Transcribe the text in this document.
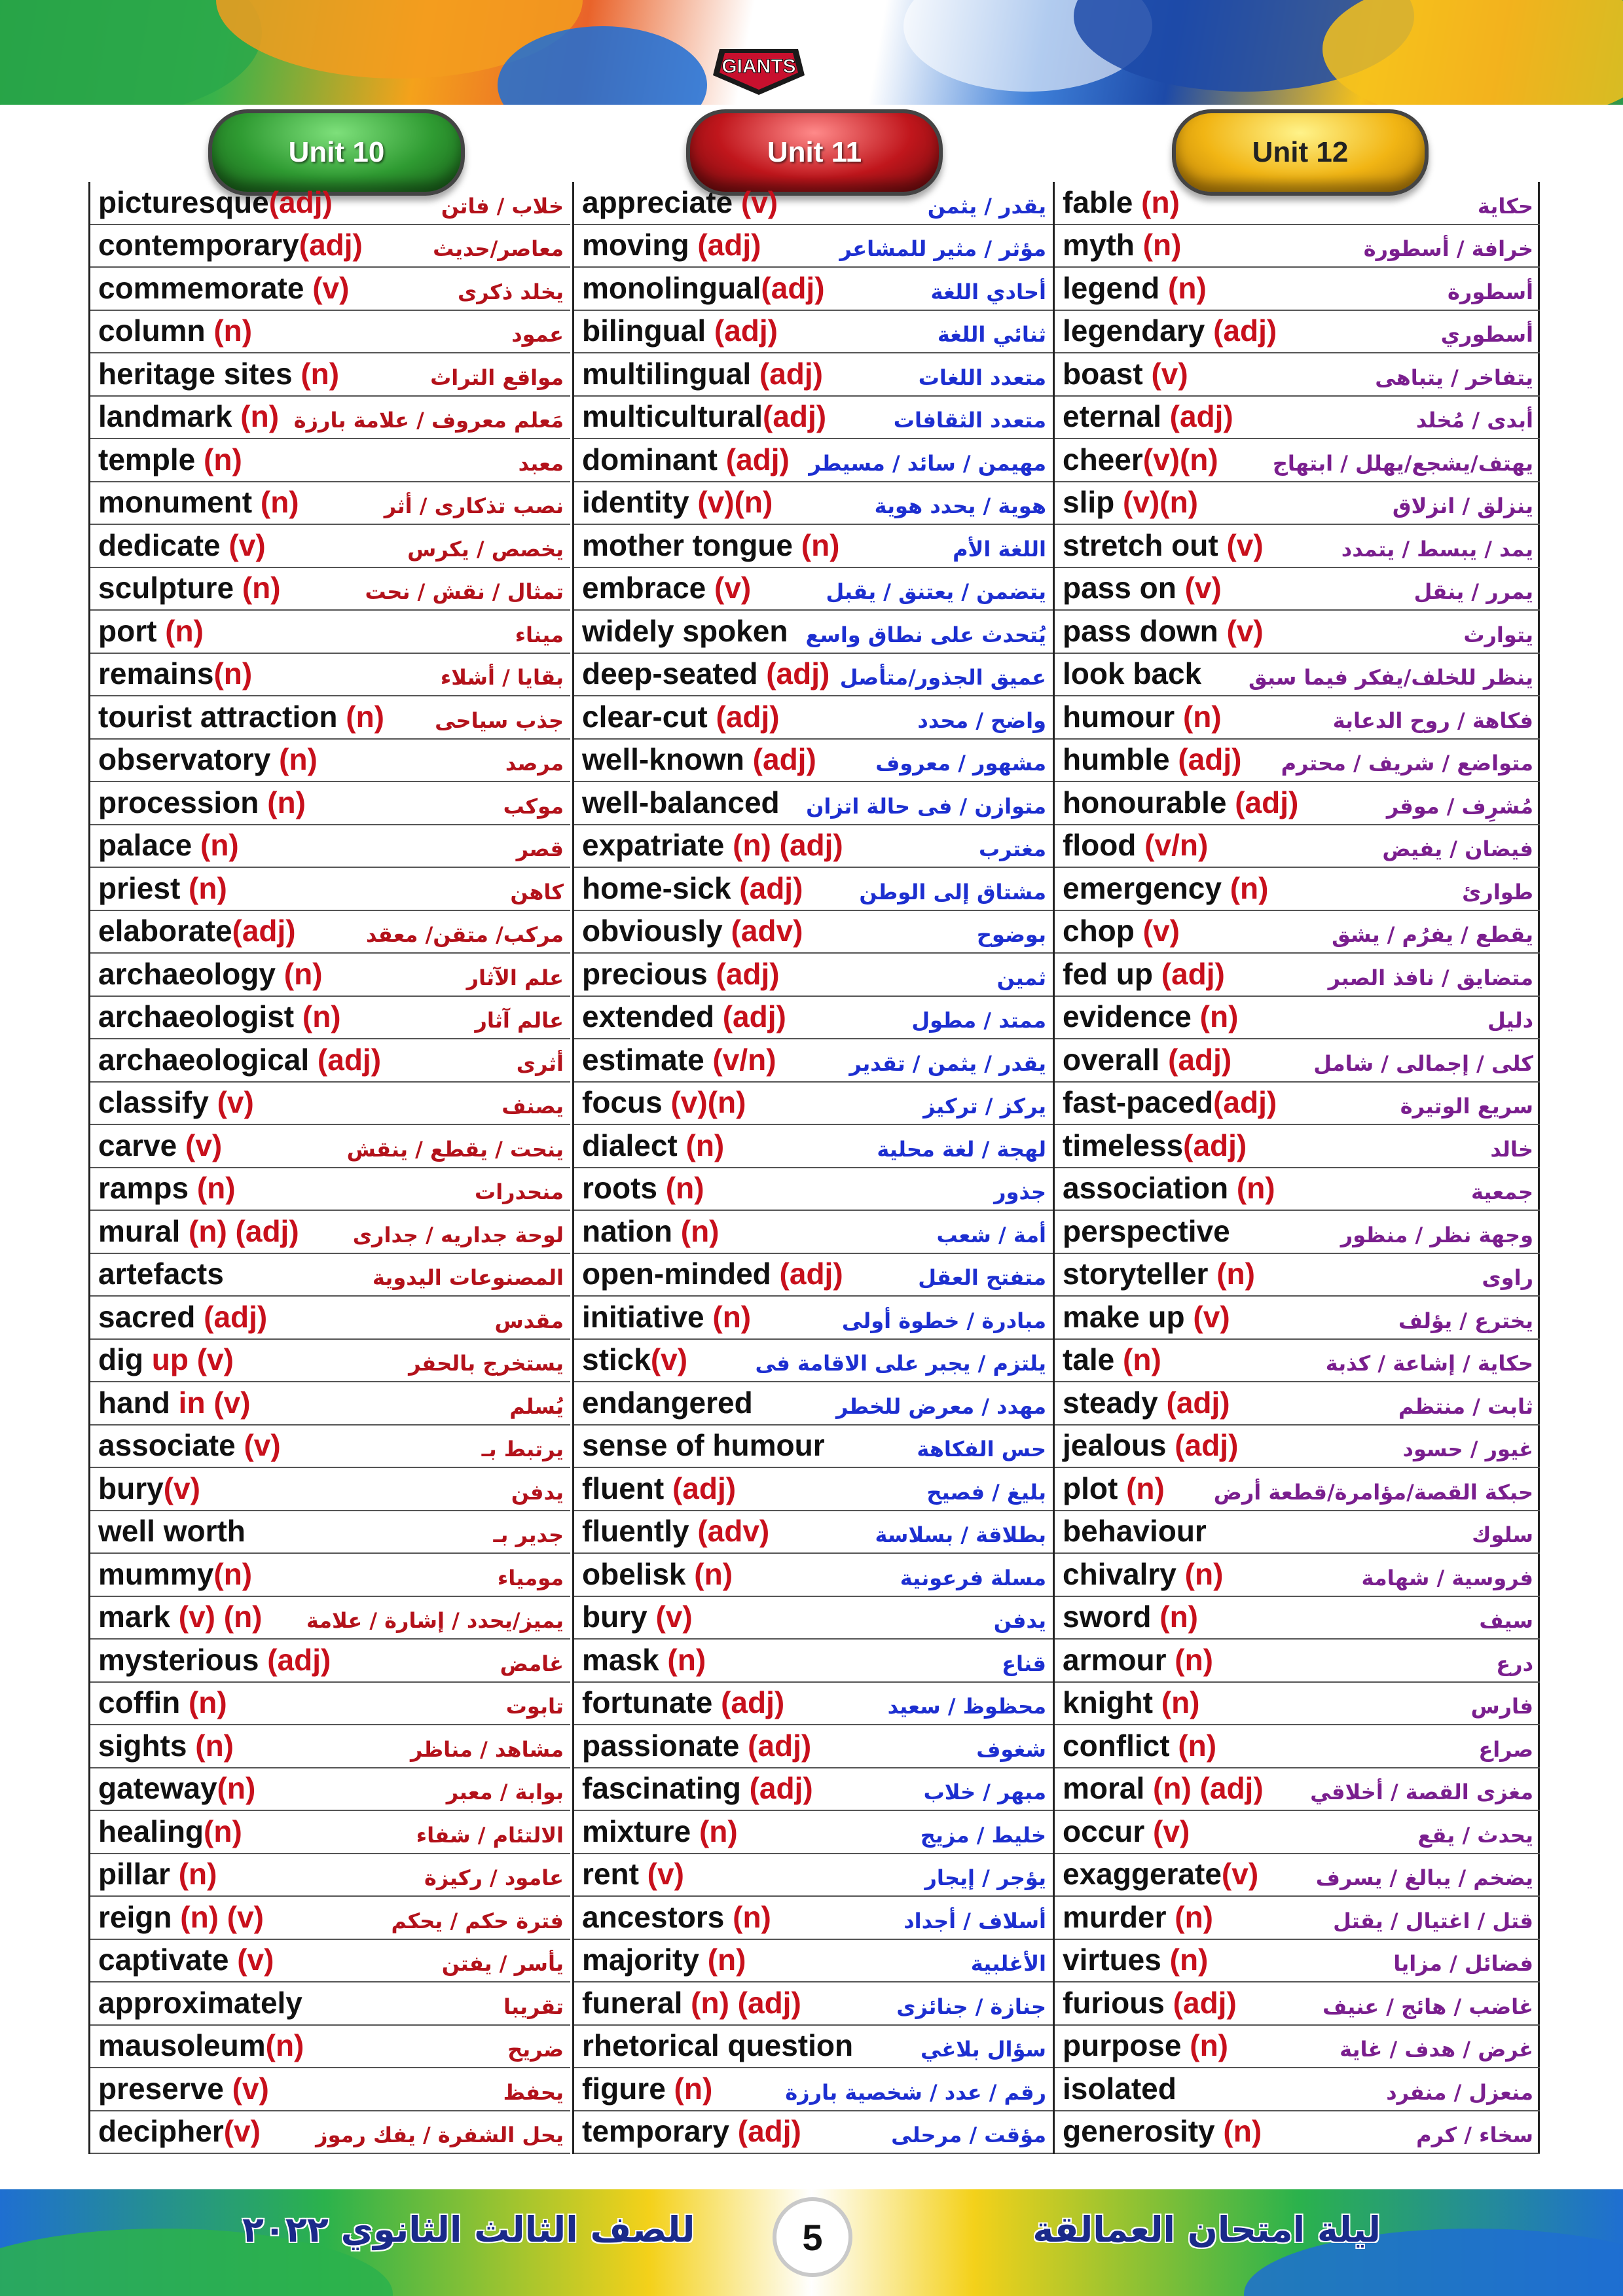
GIANTS
Unit 10	Unit 11	Unit 12
picturesque(adj)	خلاب / فاتن
contemporary(adj)	معاصر/حديث
commemorate (v)	يخلد ذكرى
column (n)	عمود
heritage sites (n)	مواقع التراث
landmark (n) مَعلم معروف / علامة بارزة
temple (n)	معبد
monument (n)	نصب تذكارى / أثر
dedicate (v)	يخصص / يكرس
sculpture (n)	تمثال / نقش / نحت
port (n)	ميناء
remains(n)	بقايا / أشلاء
tourist attraction (n) جذب سياحى
observatory (n)	مرصد
procession (n)	موكب
palace (n)	قصر
priest (n)	كاهن
elaborate(adj)	مركب/ متقن/ معقد
archaeology (n)	علم الآثار
archaeologist (n)	عالم آثار
archaeological (adj)	أثرى
classify (v)	يصنف
carve (v)	ينحت / يقطع / ينقش
ramps (n)	منحدرات
mural (n) (adj)	لوحة جداريه / جدارى
artefacts	المصنوعات اليدوية
sacred (adj)	مقدس
dig up (v)	يستخرج بالحفر
hand in (v)	يُسلم
associate (v)	يرتبط بـ
bury(v)	يدفن
well worth	جدير بـ
mummy(n)	مومياء
mark (v) (n) يميز/يحدد / إشارة / علامة
mysterious (adj)	غامض
coffin (n)	تابوت
sights (n)	مشاهد / مناظر
gateway(n)	بوابة / معبر
healing(n)	الالتئام / شفاء
pillar (n)	عامود / ركيزة
reign (n) (v)	فترة حكم / يحكم
captivate (v)	يأسر / يفتن
approximately	تقريبا
mausoleum(n)	ضريح
preserve (v)	يحفظ
decipher(v)	يحل الشفرة / يفك رموز
appreciate (v)	يقدر / يثمن
moving (adj)	مؤثر / مثير للمشاعر
monolingual(adj)	أحادي اللغة
bilingual (adj)	ثنائي اللغة
multilingual (adj)	متعدد اللغات
multicultural(adj)	متعدد الثقافات
dominant (adj) مهيمن / سائد / مسيطر
identity (v)(n)	هوية / يحدد هوية
mother tongue (n)	اللغة الأم
embrace (v)	يتضمن / يعتنق / يقبل
widely spoken يُتحدث على نطاق واسع
deep-seated (adj) عميق الجذور/متأصل
clear-cut (adj)	واضح / محدد
well-known (adj)	مشهور / معروف
well-balanced متوازن / فى حالة اتزان
expatriate (n) (adj)	مغترب
home-sick (adj)	مشتاق إلى الوطن
obviously (adv)	بوضوح
precious (adj)	ثمين
extended (adj)	ممتد / مطول
estimate (v/n)	يقدر / يثمن / تقدير
focus (v)(n)	يركز / تركيز
dialect (n)	لهجة / لغة محلية
roots (n)	جذور
nation (n)	أمة / شعب
open-minded (adj)	متفتح العقل
initiative (n)	مبادرة / خطوة أولى
stick(v)	يلتزم / يجبر على الاقامة فى
endangered	مهدد / معرض للخطر
sense of humour	حس الفكاهة
fluent (adj)	بليغ / فصيح
fluently (adv)	بطلاقة / بسلاسة
obelisk (n)	مسلة فرعونية
bury (v)	يدفن
mask (n)	قناع
fortunate (adj)	محظوظ / سعيد
passionate (adj)	شغوف
fascinating (adj)	مبهر / خلاب
mixture (n)	خليط / مزيج
rent (v)	يؤجر / إيجار
ancestors (n)	أسلاف / أجداد
majority (n)	الأغلبية
funeral (n) (adj)	جنازة / جنائزى
rhetorical question	سؤال بلاغي
figure (n)	رقم / عدد / شخصية بارزة
temporary (adj)	مؤقت / مرحلى
fable (n)	حكاية
myth (n)	خرافة / أسطورة
legend (n)	أسطورة
legendary (adj)	أسطوري
boast (v)	يتفاخر / يتباهى
eternal (adj)	أبدى / مُخلد
cheer(v)(n)	يهتف/يشجع/يهلل / ابتهاج
slip (v)(n)	ينزلق / انزلاق
stretch out (v)	يمد / يبسط / يتمدد
pass on (v)	يمرر / ينقل
pass down (v)	يتوارث
look back ينظر للخلف/يفكر فيما سبق
humour (n)	فكاهة / روح الدعابة
humble (adj) متواضع / شريف / محترم
honourable (adj)	مُشرِف / موقر
flood (v/n)	فيضان / يفيض
emergency (n)	طوارئ
chop (v)	يقطع / يفرُم / يشق
fed up (adj)	متضايق / نافذ الصبر
evidence (n)	دليل
overall (adj)	كلى / إجمالى / شامل
fast-paced(adj)	سريع الوتيرة
timeless(adj)	خالد
association (n)	جمعية
perspective	وجهة نظر / منظور
storyteller (n)	راوى
make up (v)	يخترع / يؤلف
tale (n)	حكاية / إشاعة / كذبة
steady (adj)	ثابت / منتظم
jealous (adj)	غيور / حسود
plot (n) حبكة القصة/مؤامرة/قطعة أرض
behaviour	سلوك
chivalry (n)	فروسية / شهامة
sword (n)	سيف
armour (n)	درع
knight (n)	فارس
conflict (n)	صراع
moral (n) (adj) مغزى القصة / أخلاقي
occur (v)	يحدث / يقع
exaggerate(v)	يضخم / يبالغ / يسرف
murder (n)	قتل / اغتيال / يقتل
virtues (n)	فضائل / مزايا
furious (adj)	غاضب / هائج / عنيف
purpose (n)	غرض / هدف / غاية
isolated	منعزل / منفرد
generosity (n)	سخاء / كرم
للصف الثالث الثانوي ٢٠٢٢	5	ليلة امتحان العمالقة
